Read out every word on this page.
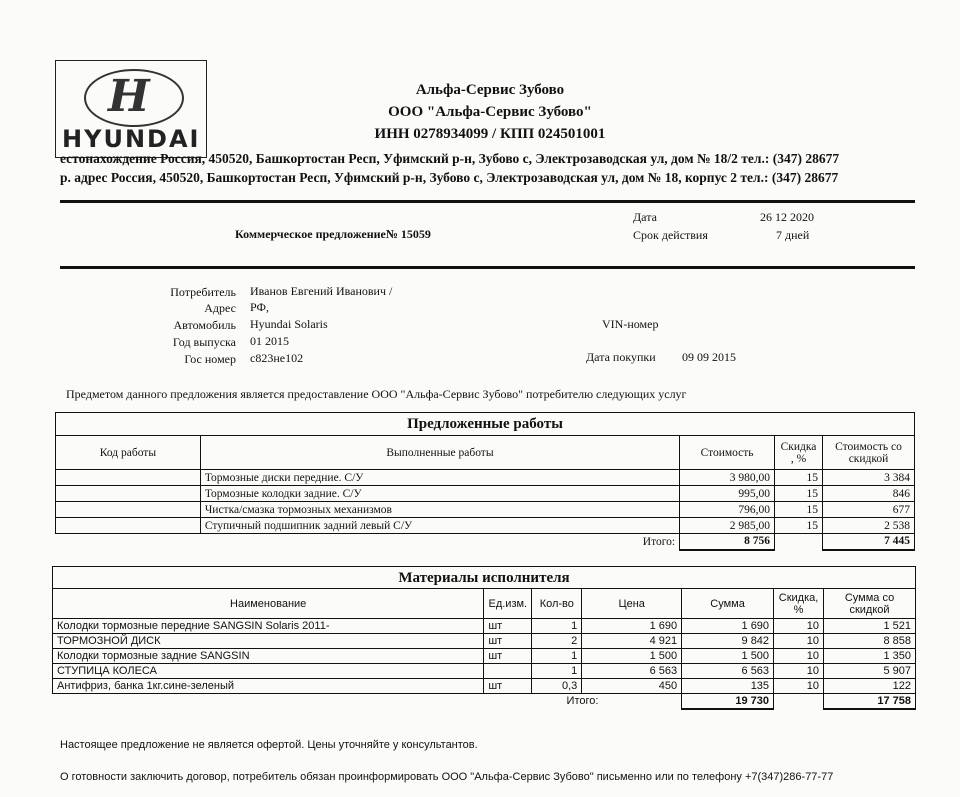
H
HYUNDAI
Альфа-Сервис Зубово
ООО "Альфа-Сервис Зубово"
ИНН 0278934099 / КПП 024501001
естонахождение Россия, 450520, Башкортостан Респ, Уфимский р-н, Зубово с, Электрозаводская ул, дом № 18/2 тел.: (347) 28677
р. адрес Россия, 450520, Башкортостан Респ, Уфимский р-н, Зубово с, Электрозаводская ул, дом № 18, корпус 2 тел.: (347) 28677
Коммерческое предложение№ 15059
Дата	26 12 2020
Срок действия	7 дней
Потребитель Иванов Евгений Иванович /
Адрес РФ,
Автомобиль Hyundai Solaris
Год выпуска 01 2015
Гос номер с823не102
VIN-номер
Дата покупки 09 09 2015
Предметом данного предложения является предоставление ООО "Альфа-Сервис Зубово" потребителю следующих услуг
Предложенные работы
Код работы	Выполненные работы	Стоимость	Скидка , %	Стоимость со скидкой
	Тормозные диски передние. С/У	3 980,00	15	3 384
	Тормозные колодки задние. С/У	995,00	15	846
	Чистка/смазка тормозных механизмов	796,00	15	677
	Ступичный подшипник задний левый С/У	2 985,00	15	2 538
	Итого:	8 756		7 445
Материалы исполнителя
Наименование	Ед.изм.	Кол-во	Цена	Сумма	Скидка, %	Сумма со скидкой
Колодки тормозные передние SANGSIN Solaris 2011-	шт	1	1 690	1 690	10	1 521
ТОРМОЗНОЙ ДИСК	шт	2	4 921	9 842	10	8 858
Колодки тормозные задние SANGSIN	шт	1	1 500	1 500	10	1 350
СТУПИЦА КОЛЕСА		1	6 563	6 563	10	5 907
Антифриз, банка 1кг.сине-зеленый	шт	0,3	450	135	10	122
	Итого:			19 730		17 758
Настоящее предложение не является офертой. Цены уточняйте у консультантов.
О готовности заключить договор, потребитель обязан проинформировать ООО "Альфа-Сервис Зубово" письменно или по телефону +7(347)286-77-77
